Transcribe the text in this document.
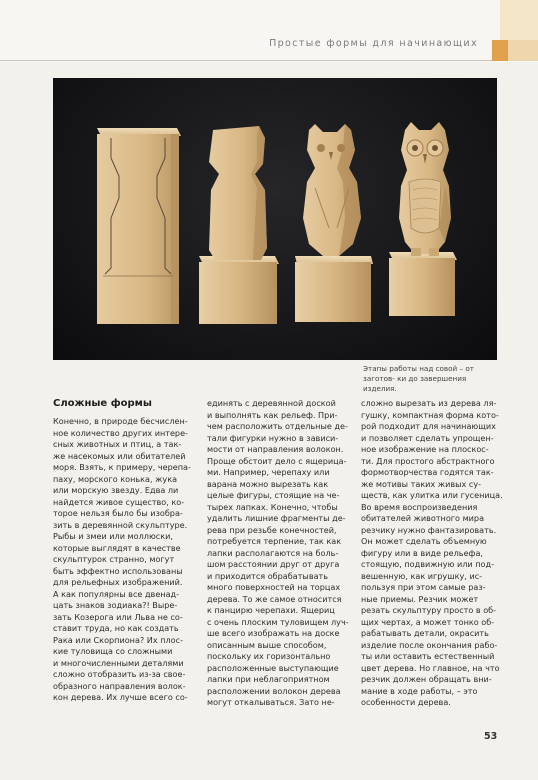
Простые формы для начинающих
Этапы работы над совой – от заготов- ки до завершения изделия.
Сложные формы
Конечно, в природе бесчислен-
ное количество других интере-
сных животных и птиц, а так-
же насекомых или обитателей
моря. Взять, к примеру, черепа-
паху, морского конька, жука
или морскую звезду. Едва ли
найдется живое существо, ко-
торое нельзя было бы изобра-
зить в деревянной скульптуре.
Рыбы и змеи или моллюски,
которые выглядят в качестве
скульптурок странно, могут
быть эффектно использованы
для рельефных изображений.
А как популярны все двенад-
цать знаков зодиака?! Выре-
зать Козерога или Льва не со-
ставит труда, но как создать
Рака или Скорпиона? Их плос-
кие туловища со сложными
и многочисленными деталями
сложно отобразить из-за свое-
образного направления волок-
кон дерева. Их лучше всего со-
единять с деревянной доской
и выполнять как рельеф. При-
чем расположить отдельные де-
тали фигурки нужно в зависи-
мости от направления волокон.
Проще обстоит дело с ящерица-
ми. Например, черепаху или
варана можно вырезать как
целые фигуры, стоящие на че-
тырех лапках. Конечно, чтобы
удалить лишние фрагменты де-
рева при резьбе конечностей,
потребуется терпение, так как
лапки располагаются на боль-
шом расстоянии друг от друга
и приходится обрабатывать
много поверхностей на торцах
дерева. То же самое относится
к панцирю черепахи. Ящериц
с очень плоским туловищем луч-
ше всего изображать на доске
описанным выше способом,
поскольку их горизонтально
расположенные выступающие
лапки при неблагоприятном
расположении волокон дерева
могут откалываться. Зато не-
сложно вырезать из дерева ля-
гушку, компактная форма кото-
рой подходит для начинающих
и позволяет сделать упрощен-
ное изображение на плоскос-
ти. Для простого абстрактного
формотворчества годятся так-
же мотивы таких живых су-
ществ, как улитка или гусеница.
Во время воспроизведения
обитателей животного мира
резчику нужно фантазировать.
Он может сделать объемную
фигуру или в виде рельефа,
стоящую, подвижную или под-
вешенную, как игрушку, ис-
пользуя при этом самые раз-
ные приемы. Резчик может
резать скульптуру просто в об-
щих чертах, а может тонко об-
рабатывать детали, окрасить
изделие после окончания рабо-
ты или оставить естественный
цвет дерева. Но главное, на что
резчик должен обращать вни-
мание в ходе работы, – это
особенности дерева.
53
